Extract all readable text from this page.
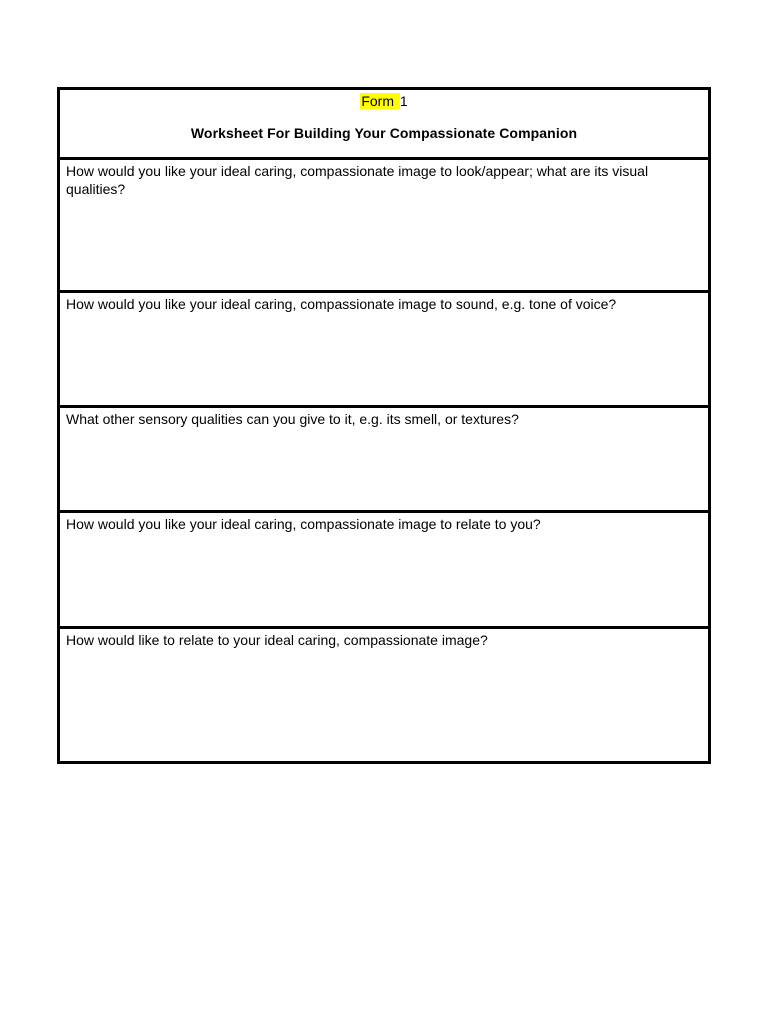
Form 1
Worksheet For Building Your Compassionate Companion

How would you like your ideal caring, compassionate image to look/appear; what are its visual qualities?

How would you like your ideal caring, compassionate image to sound, e.g. tone of voice?

What other sensory qualities can you give to it, e.g. its smell, or textures?

How would you like your ideal caring, compassionate image to relate to you?

How would like to relate to your ideal caring, compassionate image?
